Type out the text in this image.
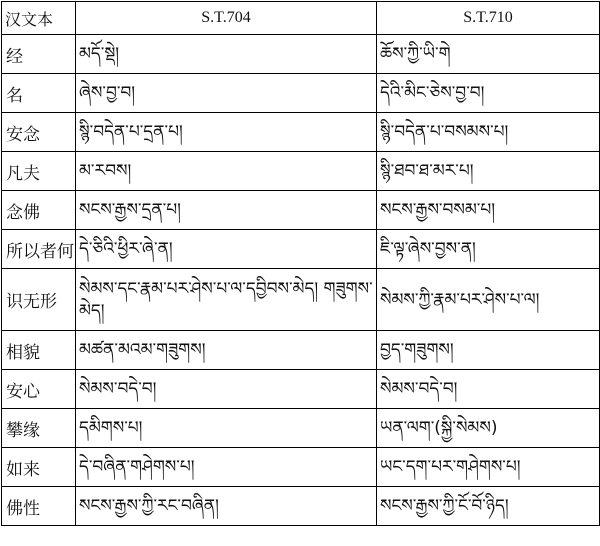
汉文本	S.T.704	S.T.710
经	མདོ་སྡེ།	ཆོས་ཀྱི་ཡི་གེ
名	ཞེས་བྱ་བ།	དེའི་མིང་ཅེས་བྱ་བ།
安念	སྙི་བདེན་པ་དྲན་པ།	སྙི་བདེན་པ་བསམས་པ།
凡夫	མ་རབས།	སྙི་ཐབ་ཐ་མར་པ།
念佛	སངས་རྒྱས་དྲན་པ།	སངས་རྒྱས་བསམ་པ།
所以者何	དེ་ཅིའི་ཕྱིར་ཞེ་ན།	ཇི་ལྟ་ཞེས་བྱས་ན།
识无形	སེམས་དང་རྣམ་པར་ཤེས་པ་ལ་དབྱིབས་མེད། གཟུགས་མེད།	སེམས་ཀྱི་རྣམ་པར་ཤེས་པ་ལ།
相貌	མཚན་མའམ་གཟུགས།	བྱད་གཟུགས།
安心	སེམས་བདེ་བ།	སེམས་བདེ་བ།
攀缘	དམིགས་པ།	ཡན་ལག་(སྐྱི་སེམས)
如来	དེ་བཞིན་གཤེགས་པ།	ཡང་དག་པར་གཤེགས་པ།
佛性	སངས་རྒྱས་ཀྱི་རང་བཞིན།	སངས་རྒྱས་ཀྱི་ངོ་བོ་ཉིད།
